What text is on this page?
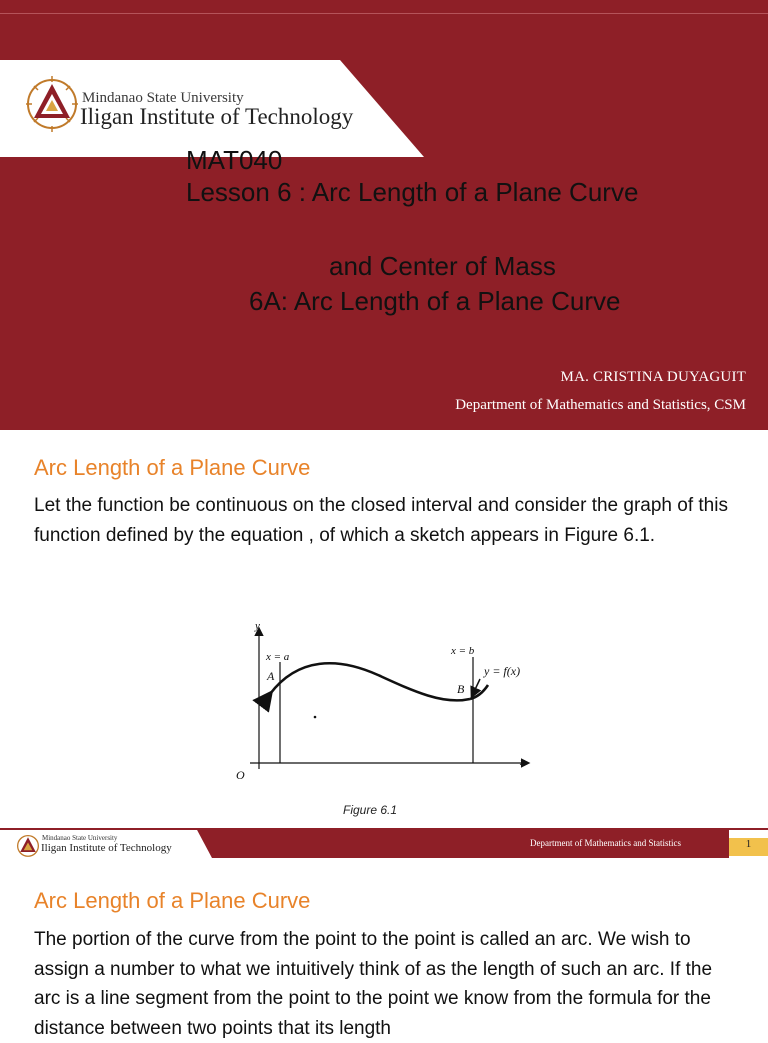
Mindanao State University
Iligan Institute of Technology
MAT040
Lesson 6 : Arc Length of a Plane Curve
and Center of Mass
6A: Arc Length of a Plane Curve
MA. CRISTINA DUYAGUIT
Department of Mathematics and Statistics, CSM
Arc Length of a Plane Curve
Let the function be continuous on the closed interval and consider the graph of this function defined by the equation , of which a sketch appears in Figure 6.1.
y
x
O
x = a	x = b
A
B
y = f(x)
Figure 6.1
Mindanao State University
Iligan Institute of Technology	Department of Mathematics and Statistics	1
Arc Length of a Plane Curve
The portion of the curve from the point to the point is called an arc. We wish to assign a number to what we intuitively think of as the length of such an arc. If the arc is a line segment from the point to the point we know from the formula for the distance between two points that its length
